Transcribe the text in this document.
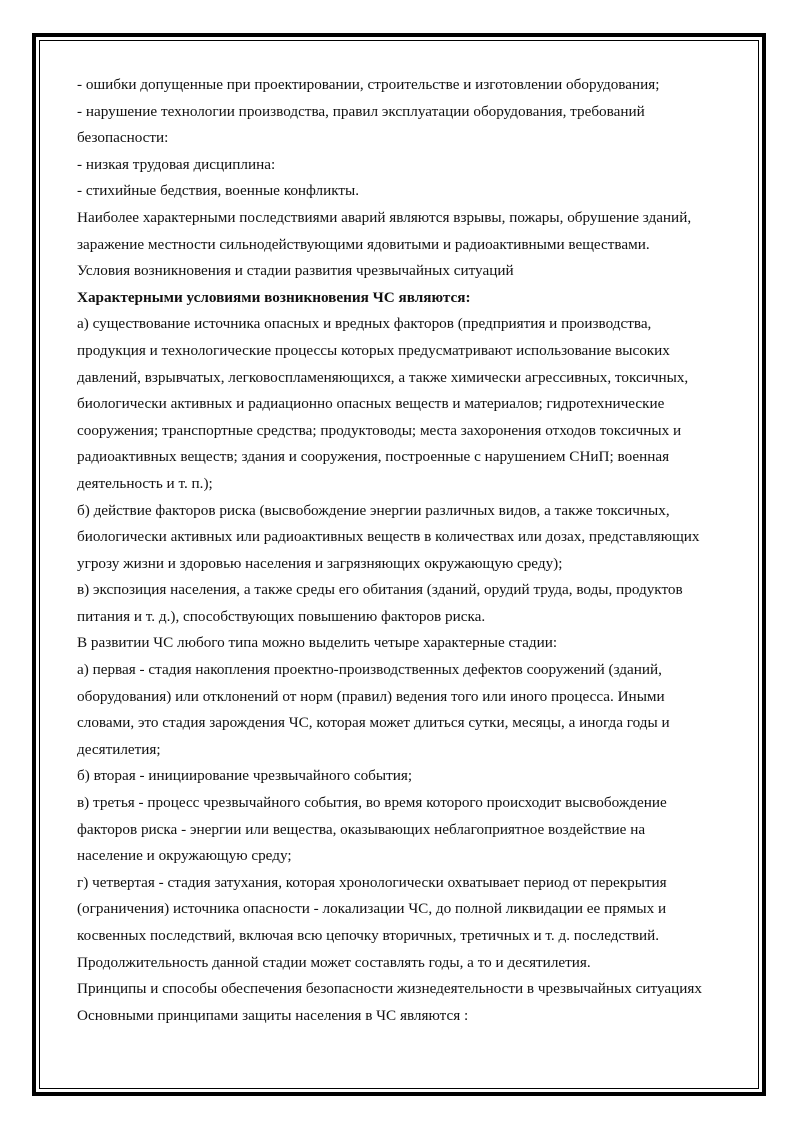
- ошибки допущенные при проектировании, строительстве и изготовлении оборудования;
- нарушение технологии производства, правил эксплуатации оборудования, требований
безопасности:
- низкая трудовая дисциплина:
- стихийные бедствия, военные конфликты.
Наиболее характерными последствиями аварий являются взрывы, пожары, обрушение зданий,
заражение местности сильнодействующими ядовитыми и радиоактивными веществами.
Условия возникновения и стадии развития чрезвычайных ситуаций
Характерными условиями возникновения ЧС являются:
а) существование источника опасных и вредных факторов (предприятия и производства,
продукция и технологические процессы которых предусматривают использование высоких
давлений, взрывчатых, легковоспламеняющихся, а также химически агрессивных, токсичных,
биологически активных и радиационно опасных веществ и материалов; гидротехнические
сооружения; транспортные средства; продуктоводы; места захоронения отходов токсичных и
радиоактивных веществ; здания и сооружения, построенные с нарушением СНиП; военная
деятельность и т. п.);
б) действие факторов риска (высвобождение энергии различных видов, а также токсичных,
биологически активных или радиоактивных веществ в количествах или дозах, представляющих
угрозу жизни и здоровью населения и загрязняющих окружающую среду);
в) экспозиция населения, а также среды его обитания (зданий, орудий труда, воды, продуктов
питания и т. д.), способствующих повышению факторов риска.
В развитии ЧС любого типа можно выделить четыре характерные стадии:
а) первая - стадия накопления проектно-производственных дефектов сооружений (зданий,
оборудования) или отклонений от норм (правил) ведения того или иного процесса. Иными
словами, это стадия зарождения ЧС, которая может длиться сутки, месяцы, а иногда годы и
десятилетия;
б) вторая - инициирование чрезвычайного события;
в) третья - процесс чрезвычайного события, во время которого происходит высвобождение
факторов риска - энергии или вещества, оказывающих неблагоприятное воздействие на
население и окружающую среду;
г) четвертая - стадия затухания, которая хронологически охватывает период от перекрытия
(ограничения) источника опасности - локализации ЧС, до полной ликвидации ее прямых и
косвенных последствий, включая всю цепочку вторичных, третичных и т. д. последствий.
Продолжительность данной стадии может составлять годы, а то и десятилетия.
Принципы и способы обеспечения безопасности жизнедеятельности в чрезвычайных ситуациях
Основными принципами защиты населения в ЧС являются :
